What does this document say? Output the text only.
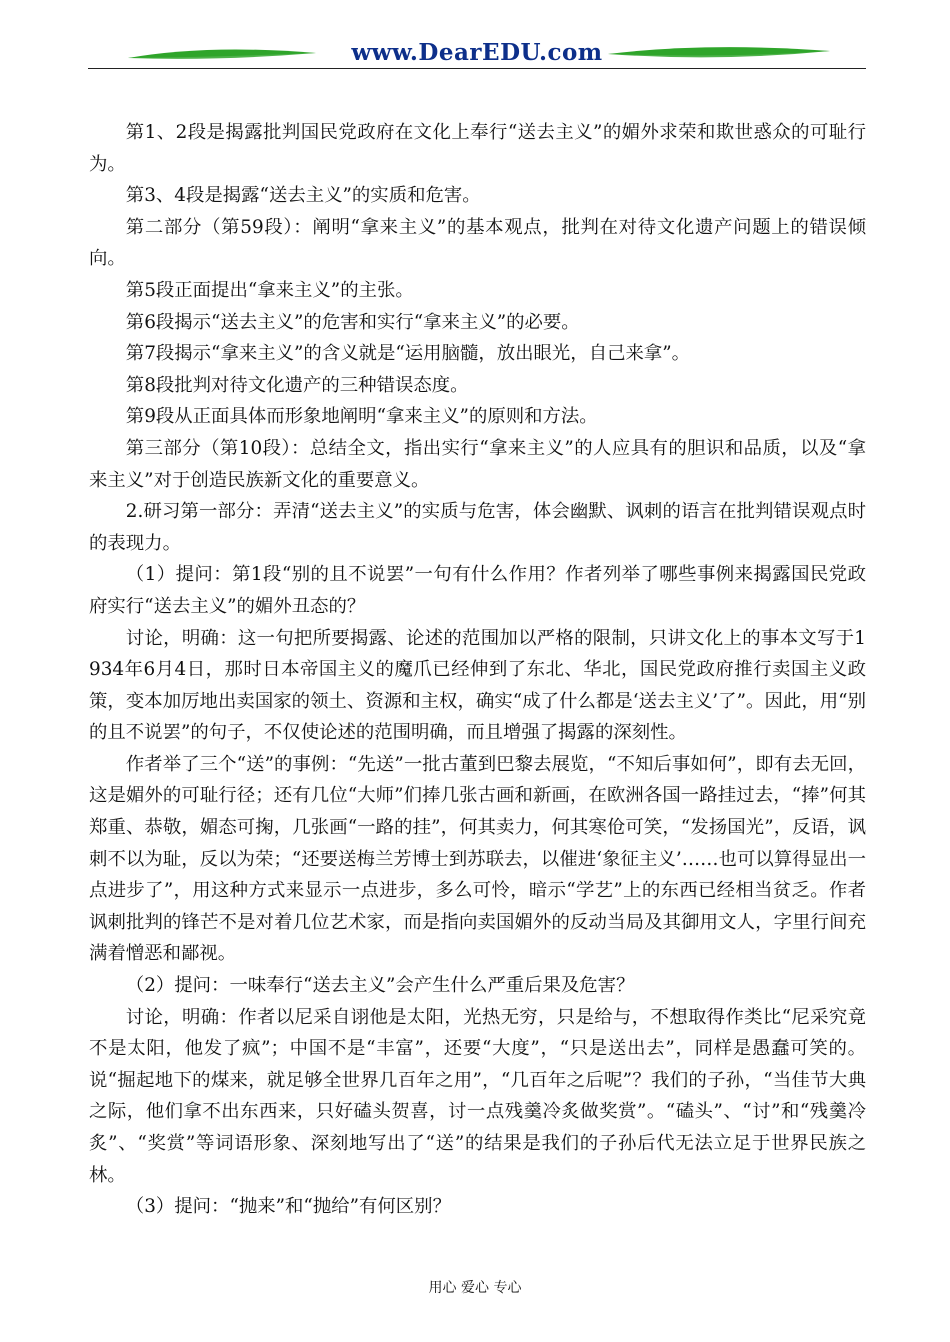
www.DearEDU.com

第1、2段是揭露批判国民党政府在文化上奉行“送去主义”的媚外求荣和欺世惑众的可耻行为。

第3、4段是揭露“送去主义”的实质和危害。

第二部分（第59段）：阐明“拿来主义”的基本观点，批判在对待文化遗产问题上的错误倾向。

第5段正面提出“拿来主义”的主张。

第6段揭示“送去主义”的危害和实行“拿来主义”的必要。

第7段揭示“拿来主义”的含义就是“运用脑髓，放出眼光，自己来拿”。

第8段批判对待文化遗产的三种错误态度。

第9段从正面具体而形象地阐明“拿来主义”的原则和方法。

第三部分（第10段）：总结全文，指出实行“拿来主义”的人应具有的胆识和品质，以及“拿来主义”对于创造民族新文化的重要意义。

2.研习第一部分：弄清“送去主义”的实质与危害，体会幽默、讽刺的语言在批判错误观点时的表现力。

（1）提问：第1段“别的且不说罢”一句有什么作用？作者列举了哪些事例来揭露国民党政府实行“送去主义”的媚外丑态的？

讨论，明确：这一句把所要揭露、论述的范围加以严格的限制，只讲文化上的事本文写于1934年6月4日，那时日本帝国主义的魔爪已经伸到了东北、华北，国民党政府推行卖国主义政策，变本加厉地出卖国家的领土、资源和主权，确实“成了什么都是‘送去主义’了”。因此，用“别的且不说罢”的句子，不仅使论述的范围明确，而且增强了揭露的深刻性。

作者举了三个“送”的事例：“先送”一批古董到巴黎去展览，“不知后事如何”，即有去无回，这是媚外的可耻行径；还有几位“大师”们捧几张古画和新画，在欧洲各国一路挂过去，“捧”何其郑重、恭敬，媚态可掬，几张画“一路的挂”，何其卖力，何其寒伧可笑，“发扬国光”，反语，讽刺不以为耻，反以为荣；“还要送梅兰芳博士到苏联去，以催进‘象征主义’……也可以算得显出一点进步了”，用这种方式来显示一点进步，多么可怜，暗示“学艺”上的东西已经相当贫乏。作者讽刺批判的锋芒不是对着几位艺术家，而是指向卖国媚外的反动当局及其御用文人，字里行间充满着憎恶和鄙视。

（2）提问：一味奉行“送去主义”会产生什么严重后果及危害？

讨论，明确：作者以尼采自诩他是太阳，光热无穷，只是给与，不想取得作类比“尼采究竟不是太阳，他发了疯”；中国不是“丰富”，还要“大度”，“只是送出去”，同样是愚蠢可笑的。说“掘起地下的煤来，就足够全世界几百年之用”，“几百年之后呢”？我们的子孙，“当佳节大典之际，他们拿不出东西来，只好磕头贺喜，讨一点残羹冷炙做奖赏”。“磕头”、“讨”和“残羹冷炙”、“奖赏”等词语形象、深刻地写出了“送”的结果是我们的子孙后代无法立足于世界民族之林。

（3）提问：“抛来”和“抛给”有何区别？

用心 爱心 专心
